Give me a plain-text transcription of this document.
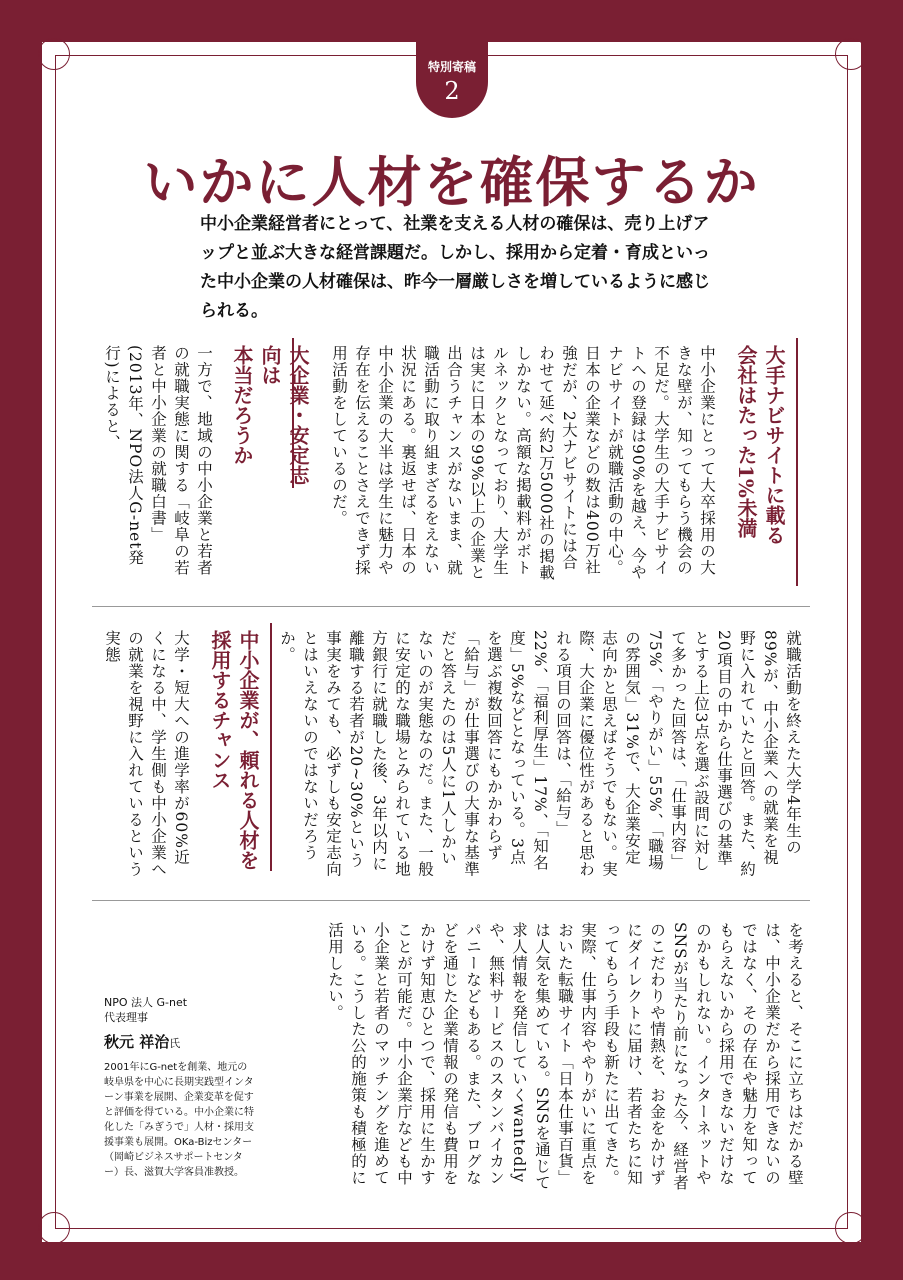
特別寄稿
2
いかに人材を確保するか
中小企業経営者にとって、社業を支える人材の確保は、売り上げアップと並ぶ大きな経営課題だ。しかし、採用から定着・育成といった中小企業の人材確保は、昨今一層厳しさを増しているように感じられる。
大手ナビサイトに載る
会社はたった1%未満
中小企業にとって大卒採用の大きな壁が、知ってもらう機会の不足だ。大学生の大手ナビサイトへの登録は90%を越え、今やナビサイトが就職活動の中心。日本の企業などの数は400万社強だが、2大ナビサイトには合わせて延べ約2万5000社の掲載しかない。高額な掲載料がボトルネックとなっており、大学生は実に日本の99%以上の企業と出合うチャンスがないまま、就職活動に取り組まざるをえない状況にある。裏返せば、日本の中小企業の大半は学生に魅力や存在を伝えることさえできず採用活動をしているのだ。
大企業・安定志向は
本当だろうか
一方で、地域の中小企業と若者の就職実態に関する「岐阜の若者と中小企業の就職白書」(2013年、NPO法人G-net発行)によると、
就職活動を終えた大学4年生の89%が、中小企業への就業を視野に入れていたと回答。また、約20項目の中から仕事選びの基準とする上位3点を選ぶ設問に対して多かった回答は、「仕事内容」75%、「やりがい」55%、「職場の雰囲気」31%で、大企業安定志向かと思えばそうでもない。実際、大企業に優位性があると思われる項目の回答は、「給与」22%、「福利厚生」17%、「知名度」5%などとなっている。3点を選ぶ複数回答にもかかわらず「給与」が仕事選びの大事な基準だと答えたのは5人に1人しかいないのが実態なのだ。また、一般に安定的な職場とみられている地方銀行に就職した後、3年以内に離職する若者が20~30%という事実をみても、必ずしも安定志向とはいえないのではないだろうか。
中小企業が、頼れる人材を
採用するチャンス
大学・短大への進学率が60%近くになる中、学生側も中小企業への就業を視野に入れているという実態
を考えると、そこに立ちはだかる壁は、中小企業だから採用できないのではなく、その存在や魅力を知ってもらえないから採用できないだけなのかもしれない。インターネットやSNSが当たり前になった今、経営者のこだわりや情熱を、お金をかけずにダイレクトに届け、若者たちに知ってもらう手段も新たに出てきた。実際、仕事内容ややりがいに重点をおいた転職サイト「日本仕事百貨」は人気を集めている。SNSを通じて求人情報を発信していくwantedlyや、無料サービスのスタンバイカンパニーなどもある。また、ブログなどを通じた企業情報の発信も費用をかけず知恵ひとつで、採用に生かすことが可能だ。中小企業庁なども中小企業と若者のマッチングを進めている。こうした公的施策も積極的に活用したい。
NPO 法人 G-net
代表理事
秋元 祥治氏
2001年にG-netを創業、地元の岐阜県を中心に長期実践型インターン事業を展開、企業変革を促すと評価を得ている。中小企業に特化した「みぎうで」人材・採用支援事業も展開。OKa-Bizセンター（岡崎ビジネスサポートセンター）長、滋賀大学客員准教授。
